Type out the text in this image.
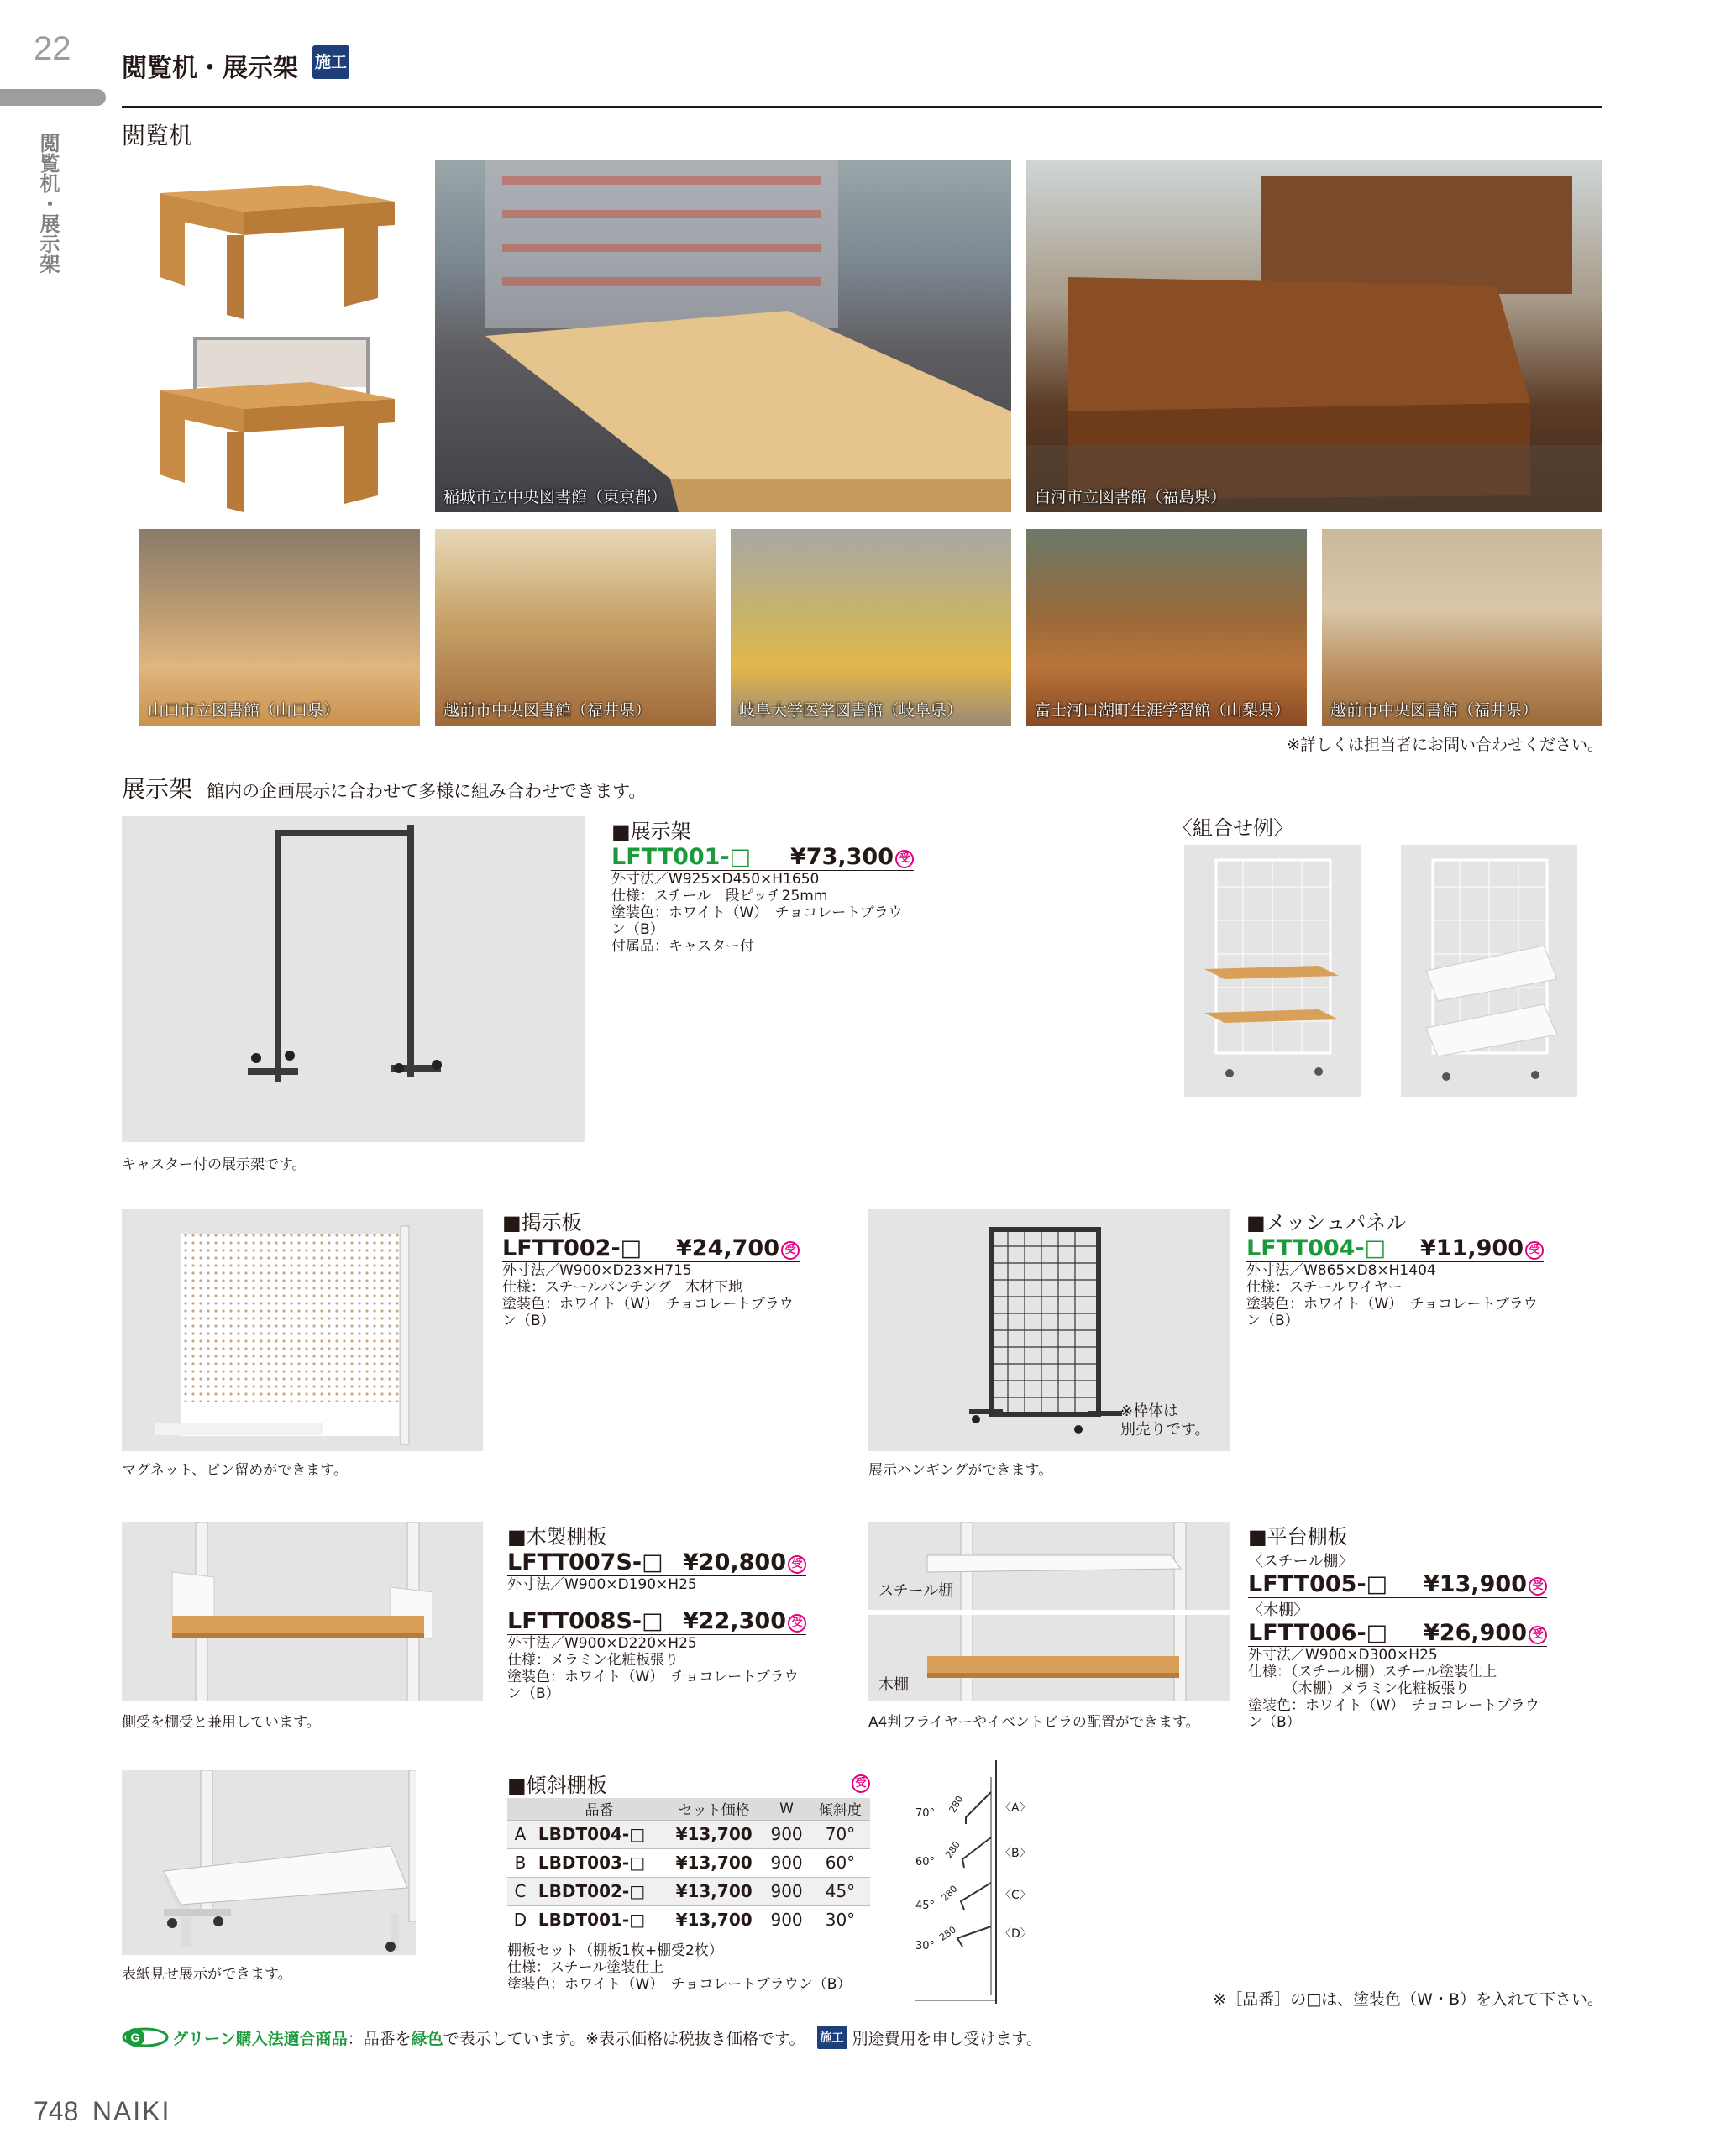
22
閲覧机・展示架
閲覧机・展示架 施工
閲覧机
稲城市立中央図書館（東京都）	白河市立図書館（福島県）
山口市立図書館（山口県）	越前市中央図書館（福井県）	岐阜大学医学図書館（岐阜県）	富士河口湖町生涯学習館（山梨県）	越前市中央図書館（福井県）
※詳しくは担当者にお問い合わせください。
展示架 館内の企画展示に合わせて多様に組み合わせできます。
キャスター付の展示架です。
■展示架
LFTT001-□ ¥73,300 受
外寸法／W925×D450×H1650
仕様：スチール　段ピッチ25mm
塗装色：ホワイト（W）　チョコレートブラウン（B）
付属品：キャスター付
〈組合せ例〉
マグネット、ピン留めができます。
■掲示板
LFTT002-□ ¥24,700 受
外寸法／W900×D23×H715
仕様：スチールパンチング　木材下地
塗装色：ホワイト（W）　チョコレートブラウン（B）
※枠体は
別売りです。
展示ハンギングができます。
■メッシュパネル
LFTT004-□ ¥11,900 受
外寸法／W865×D8×H1404
仕様：スチールワイヤー
塗装色：ホワイト（W）　チョコレートブラウン（B）
側受を棚受と兼用しています。
■木製棚板
LFTT007S-□ ¥20,800 受
外寸法／W900×D190×H25
LFTT008S-□ ¥22,300 受
外寸法／W900×D220×H25
仕様：メラミン化粧板張り
塗装色：ホワイト（W）　チョコレートブラウン（B）
スチール棚
木棚
A4判フライヤーやイベントビラの配置ができます。
■平台棚板
〈スチール棚〉
LFTT005-□ ¥13,900 受
〈木棚〉
LFTT006-□ ¥26,900 受
外寸法／W900×D300×H25
仕様：（スチール棚）スチール塗装仕上
　　　（木棚）メラミン化粧板張り
塗装色：ホワイト（W）　チョコレートブラウン（B）
表紙見せ展示ができます。
■傾斜棚板	受
	品番	セット価格	W	傾斜度
A	LBDT004-□	¥13,700	900	70°
B	LBDT003-□	¥13,700	900	60°
C	LBDT002-□	¥13,700	900	45°
D	LBDT001-□	¥13,700	900	30°
棚板セット（棚板1枚+棚受2枚）
仕様：スチール塗装仕上
塗装色：ホワイト（W）　チョコレートブラウン（B）
70°
60°
45°
30°
280
280
280
280
〈A〉
〈B〉
〈C〉
〈D〉
※［品番］の□は、塗装色（W・B）を入れて下さい。
G グリーン購入法適合商品 ：品番を 緑色 で表示しています。※表示価格は税抜き価格です。 施工 別途費用を申し受けます。
748 NAIKI
